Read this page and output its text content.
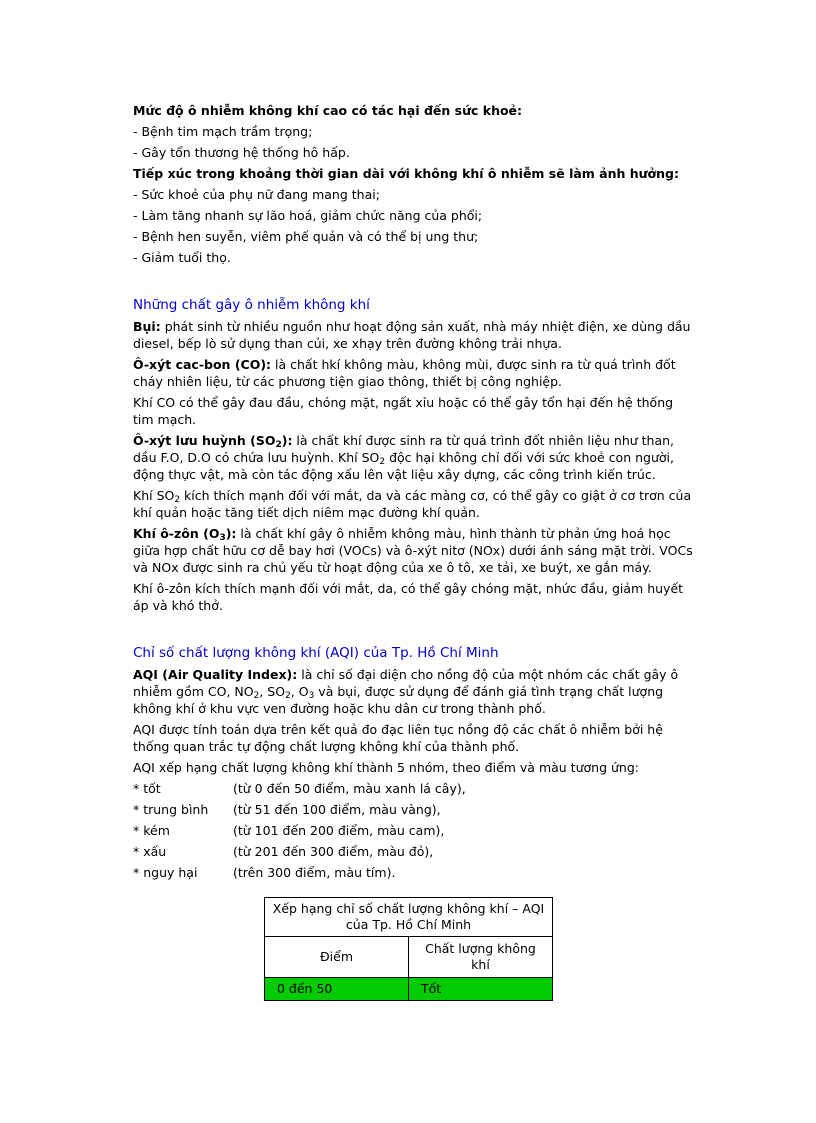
Mức độ ô nhiễm không khí cao có tác hại đến sức khoẻ:
- Bệnh tim mạch trầm trọng;
- Gây tổn thương hệ thống hô hấp.
Tiếp xúc trong khoảng thời gian dài với không khí ô nhiễm sẽ làm ảnh hưởng:
- Sức khoẻ của phụ nữ đang mang thai;
- Làm tăng nhanh sự lão hoá, giảm chức năng của phổi;
- Bệnh hen suyễn, viêm phế quản và có thể bị ung thư;
- Giảm tuổi thọ.
Những chất gây ô nhiễm không khí
Bụi: phát sinh từ nhiều nguồn như hoạt động sản xuất, nhà máy nhiệt điện, xe dùng dầu diesel, bếp lò sử dụng than củi, xe xhạy trên đường không trải nhựa.
Ô-xýt cac-bon (CO): là chất hkí không màu, không mùi, được sinh ra từ quá trình đốt cháy nhiên liệu, từ các phương tiện giao thông, thiết bị công nghiệp.
Khí CO có thể gây đau đầu, chóng mặt, ngất xỉu hoặc có thể gây tổn hại đến hệ thống tim mạch.
Ô-xýt lưu huỳnh $(SO_2)$: là chất khí được sinh ra từ quá trình đốt nhiên liệu như than, dầu F.O, D.O có chứa lưu huỳnh. Khí $SO_2$ độc hại không chỉ đối với sức khoẻ con người, động thực vật, mà còn tác động xấu lên vật liệu xây dựng, các công trình kiến trúc.
Khí $SO_2$ kích thích mạnh đối với mắt, da và các màng cơ, có thể gây co giật ở cơ trơn của khí quản hoặc tăng tiết dịch niêm mạc đường khí quản.
Khí ô-zôn $(O_3)$: là chất khí gây ô nhiễm không màu, hình thành từ phản ứng hoá học giữa hợp chất hữu cơ dễ bay hơi (VOCs) và ô-xýt nitơ (NOx) dưới ánh sáng mặt trời. VOCs và NOx được sinh ra chủ yếu từ hoạt động của xe ô tô, xe tải, xe buýt, xe gắn máy.
Khí ô-zôn kích thích mạnh đối với mắt, da, có thể gây chóng mặt, nhức đầu, giảm huyết áp và khó thở.
Chỉ số chất lượng không khí (AQI) của Tp. Hồ Chí Minh
AQI (Air Quality Index): là chỉ số đại diện cho nồng độ của một nhóm các chất gây ô nhiễm gồm CO, $NO_2$, $SO_2$, $O_3$ và bụi, được sử dụng để đánh giá tình trạng chất lượng không khí ở khu vực ven đường hoặc khu dân cư trong thành phố.
AQI được tính toán dựa trên kết quả đo đạc liên tục nồng độ các chất ô nhiễm bởi hệ thống quan trắc tự động chất lượng không khí của thành phố.
AQI xếp hạng chất lượng không khí thành 5 nhóm, theo điểm và màu tương ứng:
* tốt	(từ 0 đến 50 điểm, màu xanh lá cây),
* trung bình	(từ 51 đến 100 điểm, màu vàng),
* kém	(từ 101 đến 200 điểm, màu cam),
* xấu	(từ 201 đến 300 điểm, màu đỏ),
* nguy hại	(trên 300 điểm, màu tím).
Xếp hạng chỉ số chất lượng không khí – AQI của Tp. Hồ Chí Minh	
Điểm	Chất lượng không khí
0 đến 50	Tốt
